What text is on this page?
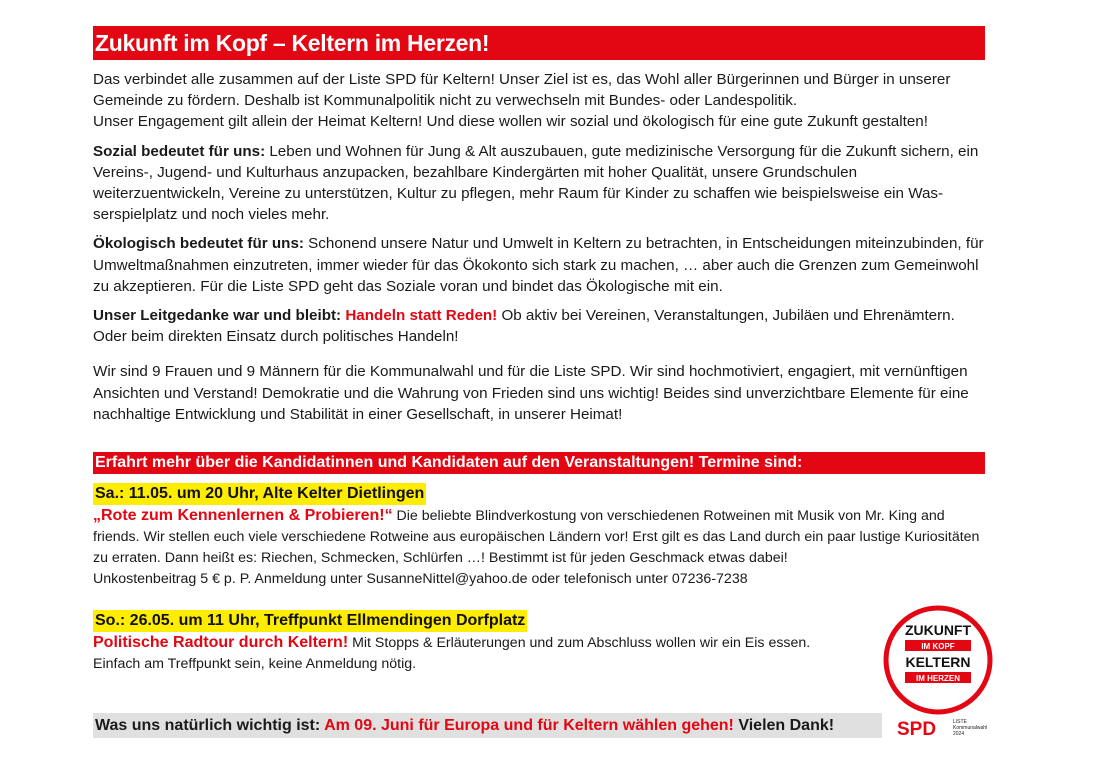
Zukunft im Kopf – Keltern im Herzen!

Das verbindet alle zusammen auf der Liste SPD für Keltern! Unser Ziel ist es, das Wohl aller Bürgerinnen und Bürger in unserer Gemeinde zu fördern. Deshalb ist Kommunalpolitik nicht zu verwechseln mit Bundes- oder Landespolitik.
Unser Engagement gilt allein der Heimat Keltern! Und diese wollen wir sozial und ökologisch für eine gute Zukunft gestalten!

Sozial bedeutet für uns: Leben und Wohnen für Jung & Alt auszubauen, gute medizinische Versorgung für die Zukunft sichern, ein Vereins-, Jugend- und Kulturhaus anzupacken, bezahlbare Kindergärten mit hoher Qualität, unsere Grundschulen weiterzuentwickeln, Vereine zu unterstützen, Kultur zu pflegen, mehr Raum für Kinder zu schaffen wie beispielsweise ein Wasserspielplatz und noch vieles mehr.

Ökologisch bedeutet für uns: Schonend unsere Natur und Umwelt in Keltern zu betrachten, in Entscheidungen miteinzubinden, für Umweltmaßnahmen einzutreten, immer wieder für das Ökokonto sich stark zu machen, … aber auch die Grenzen zum Gemeinwohl zu akzeptieren. Für die Liste SPD geht das Soziale voran und bindet das Ökologische mit ein.

Unser Leitgedanke war und bleibt: Handeln statt Reden! Ob aktiv bei Vereinen, Veranstaltungen, Jubiläen und Ehrenämtern. Oder beim direkten Einsatz durch politisches Handeln!

Wir sind 9 Frauen und 9 Männern für die Kommunalwahl und für die Liste SPD. Wir sind hochmotiviert, engagiert, mit vernünftigen Ansichten und Verstand! Demokratie und die Wahrung von Frieden sind uns wichtig! Beides sind unverzichtbare Elemente für eine nachhaltige Entwicklung und Stabilität in einer Gesellschaft, in unserer Heimat!

Erfahrt mehr über die Kandidatinnen und Kandidaten auf den Veranstaltungen! Termine sind:
Sa.: 11.05. um 20 Uhr, Alte Kelter Dietlingen

„Rote zum Kennenlernen & Probieren!“ Die beliebte Blindverkostung von verschiedenen Rotweinen mit Musik von Mr. King and friends. Wir stellen euch viele verschiedene Rotweine aus europäischen Ländern vor! Erst gilt es das Land durch ein paar lustige Kuriositäten zu erraten. Dann heißt es: Riechen, Schmecken, Schlürfen …! Bestimmt ist für jeden Geschmack etwas dabei!
Unkostenbeitrag 5 € p. P. Anmeldung unter SusanneNittel@yahoo.de oder telefonisch unter 07236-7238

So.: 26.05. um 11 Uhr, Treffpunkt Ellmendingen Dorfplatz

Politische Radtour durch Keltern! Mit Stopps & Erläuterungen und zum Abschluss wollen wir ein Eis essen.
Einfach am Treffpunkt sein, keine Anmeldung nötig.

Was uns natürlich wichtig ist: Am 09. Juni für Europa und für Keltern wählen gehen! Vielen Dank!
ZUKUNFT
IM KOPF
KELTERN
IM HERZEN
SPD	LISTE
Kommunalwahl
2024
